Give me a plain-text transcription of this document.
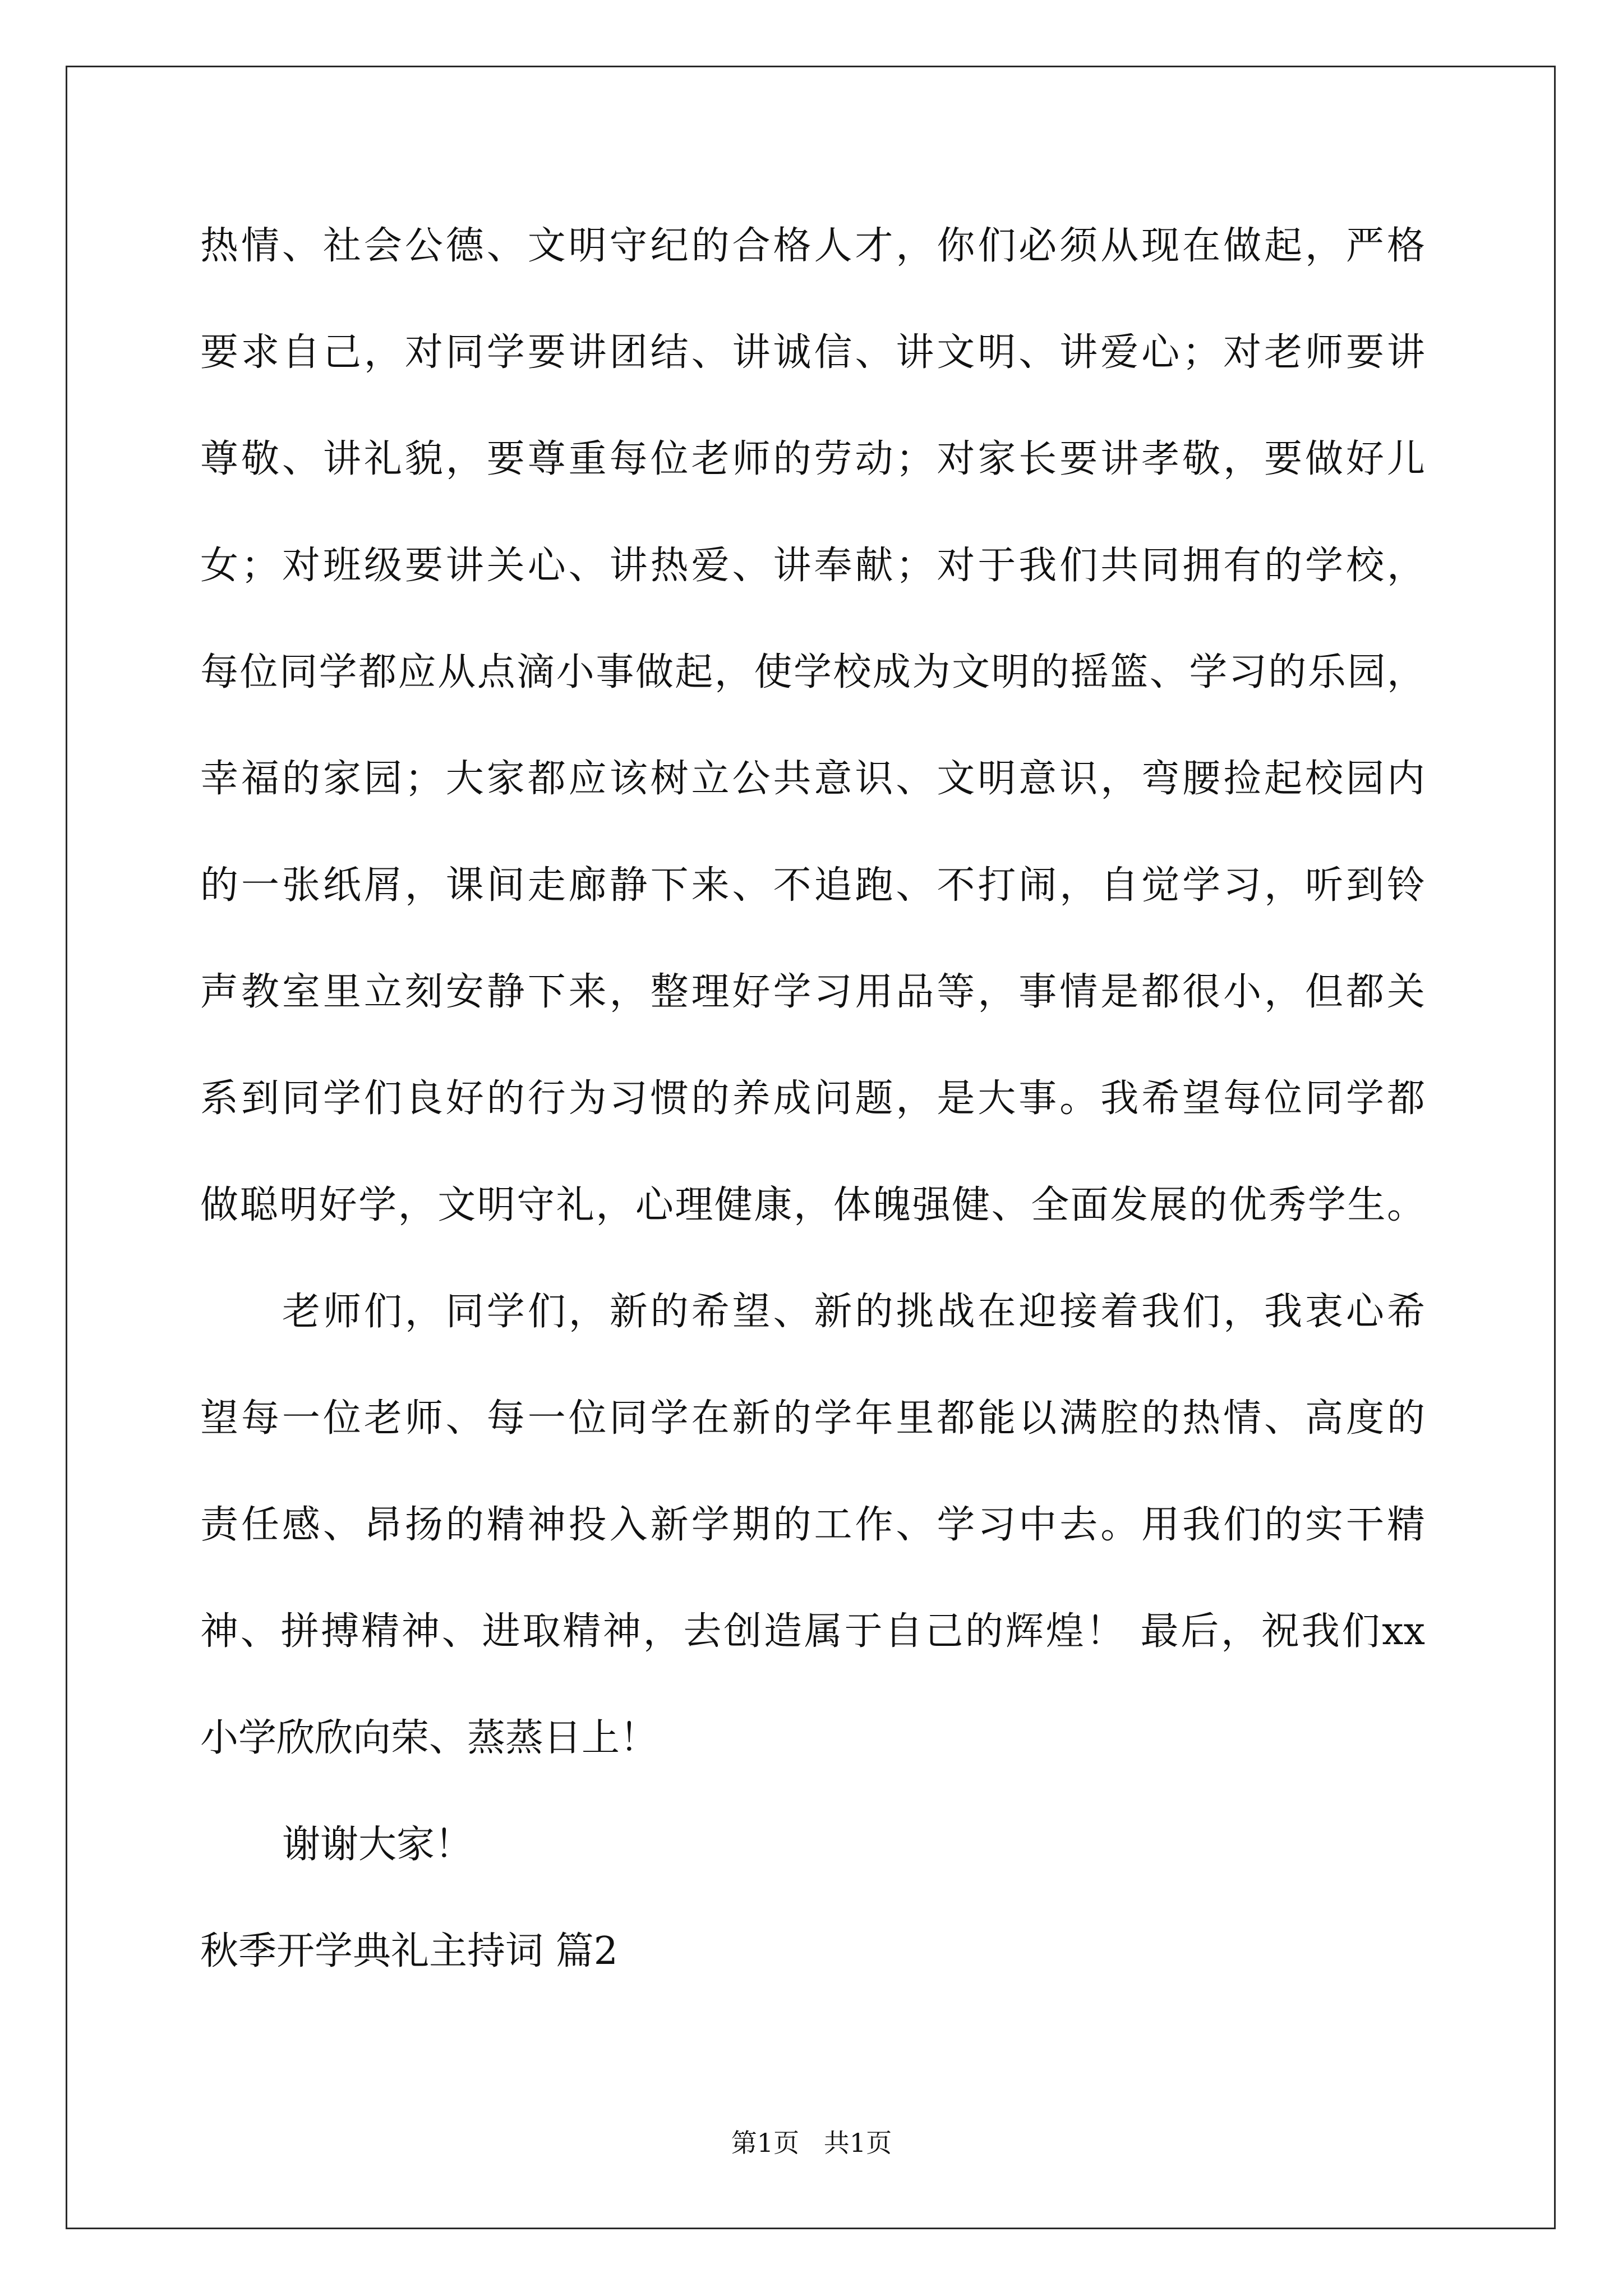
热情、社会公德、文明守纪的合格人才，你们必须从现在做起，严格
要求自己，对同学要讲团结、讲诚信、讲文明、讲爱心；对老师要讲
尊敬、讲礼貌，要尊重每位老师的劳动；对家长要讲孝敬，要做好儿
女；对班级要讲关心、讲热爱、讲奉献；对于我们共同拥有的学校，
每位同学都应从点滴小事做起，使学校成为文明的摇篮、学习的乐园，
幸福的家园；大家都应该树立公共意识、文明意识，弯腰捡起校园内
的一张纸屑，课间走廊静下来、不追跑、不打闹，自觉学习，听到铃
声教室里立刻安静下来，整理好学习用品等，事情是都很小，但都关
系到同学们良好的行为习惯的养成问题，是大事。我希望每位同学都
做聪明好学，文明守礼，心理健康，体魄强健、全面发展的优秀学生。
老师们，同学们，新的希望、新的挑战在迎接着我们，我衷心希
望每一位老师、每一位同学在新的学年里都能以满腔的热情、高度的
责任感、昂扬的精神投入新学期的工作、学习中去。用我们的实干精
神、拼搏精神、进取精神，去创造属于自己的辉煌！ 最后，祝我们xx
小学欣欣向荣、蒸蒸日上！
谢谢大家！
秋季开学典礼主持词 篇2
第1页   共1页
